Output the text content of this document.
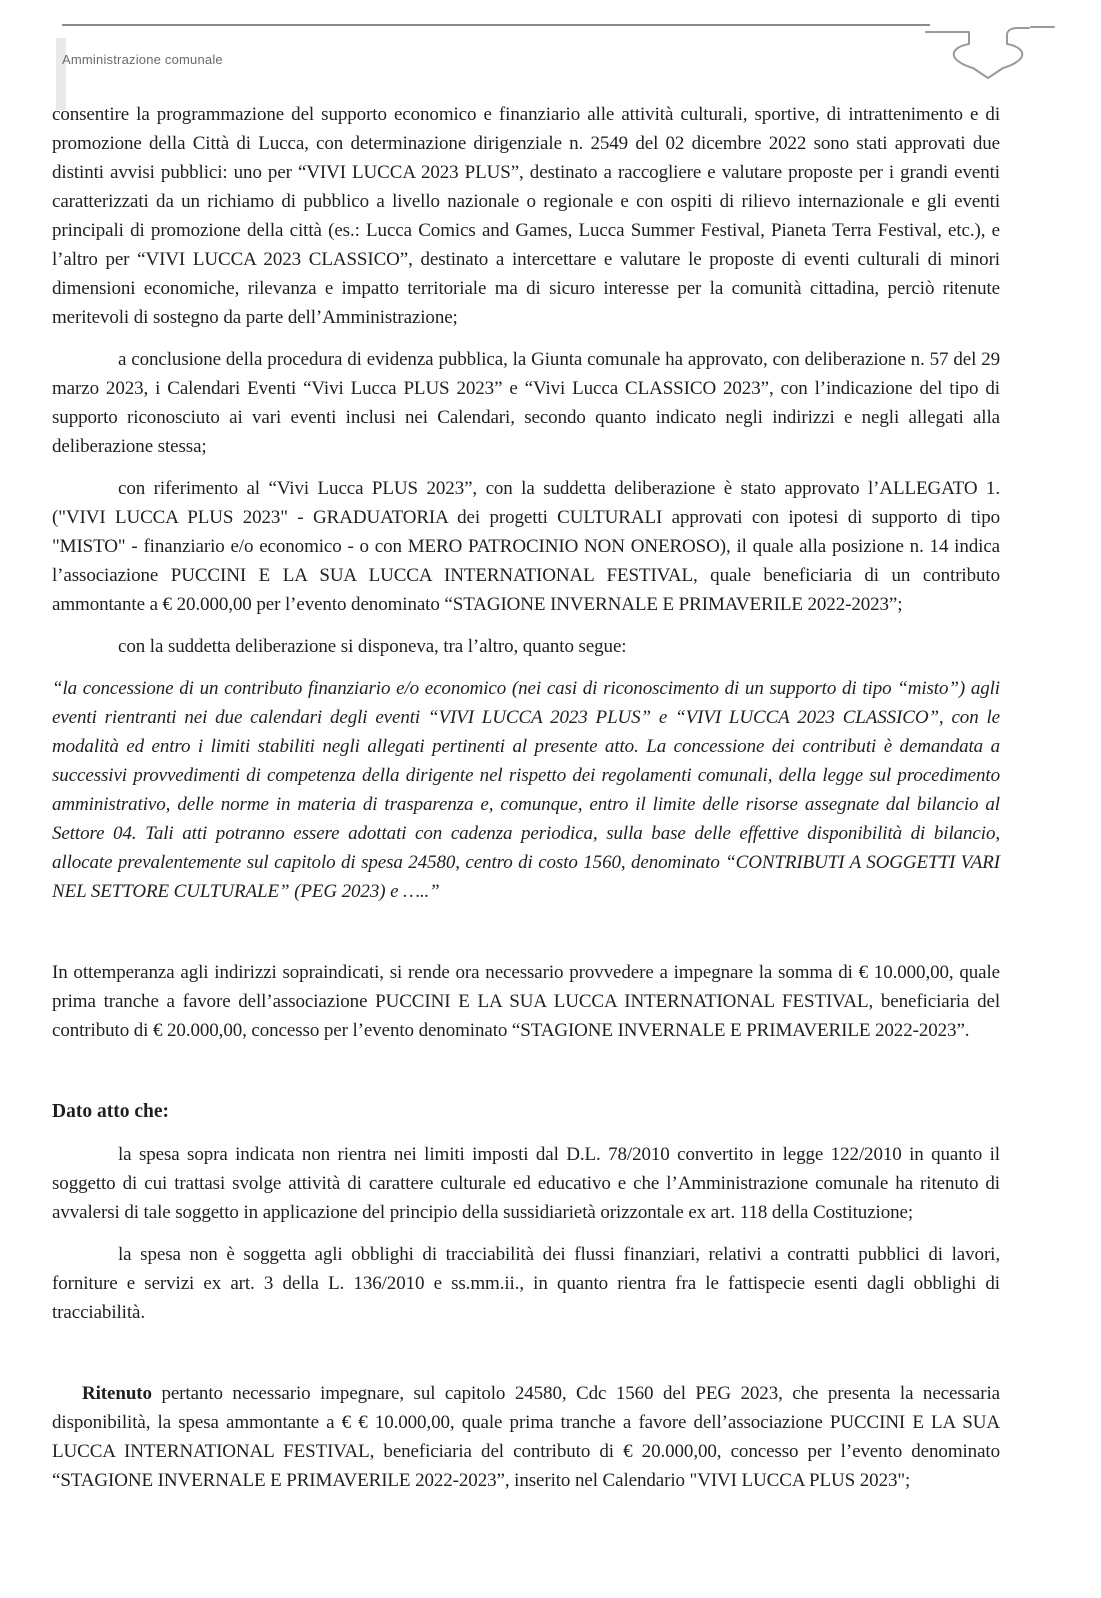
Amministrazione comunale

consentire la programmazione del supporto economico e finanziario alle attività culturali, sportive, di intrattenimento e di promozione della Città di Lucca, con determinazione dirigenziale n. 2549 del 02 dicembre 2022 sono stati approvati due distinti avvisi pubblici: uno per “VIVI LUCCA 2023 PLUS”, destinato a raccogliere e valutare proposte per i grandi eventi caratterizzati da un richiamo di pubblico a livello nazionale o regionale e con ospiti di rilievo internazionale e gli eventi principali di promozione della città (es.: Lucca Comics and Games, Lucca Summer Festival, Pianeta Terra Festival, etc.), e l’altro per “VIVI LUCCA 2023 CLASSICO”, destinato a intercettare e valutare le proposte di eventi culturali di minori dimensioni economiche, rilevanza e impatto territoriale ma di sicuro interesse per la comunità cittadina, perciò ritenute meritevoli di sostegno da parte dell’Amministrazione;

a conclusione della procedura di evidenza pubblica, la Giunta comunale ha approvato, con deliberazione n. 57 del 29 marzo 2023, i Calendari Eventi “Vivi Lucca PLUS 2023” e “Vivi Lucca CLASSICO 2023”, con l’indicazione del tipo di supporto riconosciuto ai vari eventi inclusi nei Calendari, secondo quanto indicato negli indirizzi e negli allegati alla deliberazione stessa;

con riferimento al “Vivi Lucca PLUS 2023”, con la suddetta deliberazione è stato approvato l’ALLEGATO 1. ("VIVI LUCCA PLUS 2023" - GRADUATORIA dei progetti CULTURALI approvati con ipotesi di supporto di tipo "MISTO" - finanziario e/o economico - o con MERO PATROCINIO NON ONEROSO), il quale alla posizione n. 14 indica l’associazione PUCCINI E LA SUA LUCCA INTERNATIONAL FESTIVAL, quale beneficiaria di un contributo ammontante a € 20.000,00 per l’evento denominato “STAGIONE INVERNALE E PRIMAVERILE 2022-2023”;

con la suddetta deliberazione si disponeva, tra l’altro, quanto segue:

“la concessione di un contributo finanziario e/o economico (nei casi di riconoscimento di un supporto di tipo “misto”) agli eventi rientranti nei due calendari degli eventi “VIVI LUCCA 2023 PLUS” e “VIVI LUCCA 2023 CLASSICO”, con le modalità ed entro i limiti stabiliti negli allegati pertinenti al presente atto. La concessione dei contributi è demandata a successivi provvedimenti di competenza della dirigente nel rispetto dei regolamenti comunali, della legge sul procedimento amministrativo, delle norme in materia di trasparenza e, comunque, entro il limite delle risorse assegnate dal bilancio al Settore 04. Tali atti potranno essere adottati con cadenza periodica, sulla base delle effettive disponibilità di bilancio, allocate prevalentemente sul capitolo di spesa 24580, centro di costo 1560, denominato “CONTRIBUTI A SOGGETTI VARI NEL SETTORE CULTURALE” (PEG 2023) e …..”

In ottemperanza agli indirizzi sopraindicati, si rende ora necessario provvedere a impegnare la somma di € 10.000,00, quale prima tranche a favore dell’associazione PUCCINI E LA SUA LUCCA INTERNATIONAL FESTIVAL, beneficiaria del contributo di € 20.000,00, concesso per l’evento denominato “STAGIONE INVERNALE E PRIMAVERILE 2022-2023”.

Dato atto che:

la spesa sopra indicata non rientra nei limiti imposti dal D.L. 78/2010 convertito in legge 122/2010 in quanto il soggetto di cui trattasi svolge attività di carattere culturale ed educativo e che l’Amministrazione comunale ha ritenuto di avvalersi di tale soggetto in applicazione del principio della sussidiarietà orizzontale ex art. 118 della Costituzione;

la spesa non è soggetta agli obblighi di tracciabilità dei flussi finanziari, relativi a contratti pubblici di lavori, forniture e servizi ex art. 3 della L. 136/2010 e ss.mm.ii., in quanto rientra fra le fattispecie esenti dagli obblighi di tracciabilità.

Ritenuto pertanto necessario impegnare, sul capitolo 24580, Cdc 1560 del PEG 2023, che presenta la necessaria disponibilità, la spesa ammontante a € € 10.000,00, quale prima tranche a favore dell’associazione PUCCINI E LA SUA LUCCA INTERNATIONAL FESTIVAL, beneficiaria del contributo di € 20.000,00, concesso per l’evento denominato “STAGIONE INVERNALE E PRIMAVERILE 2022-2023”, inserito nel Calendario "VIVI LUCCA PLUS 2023";
